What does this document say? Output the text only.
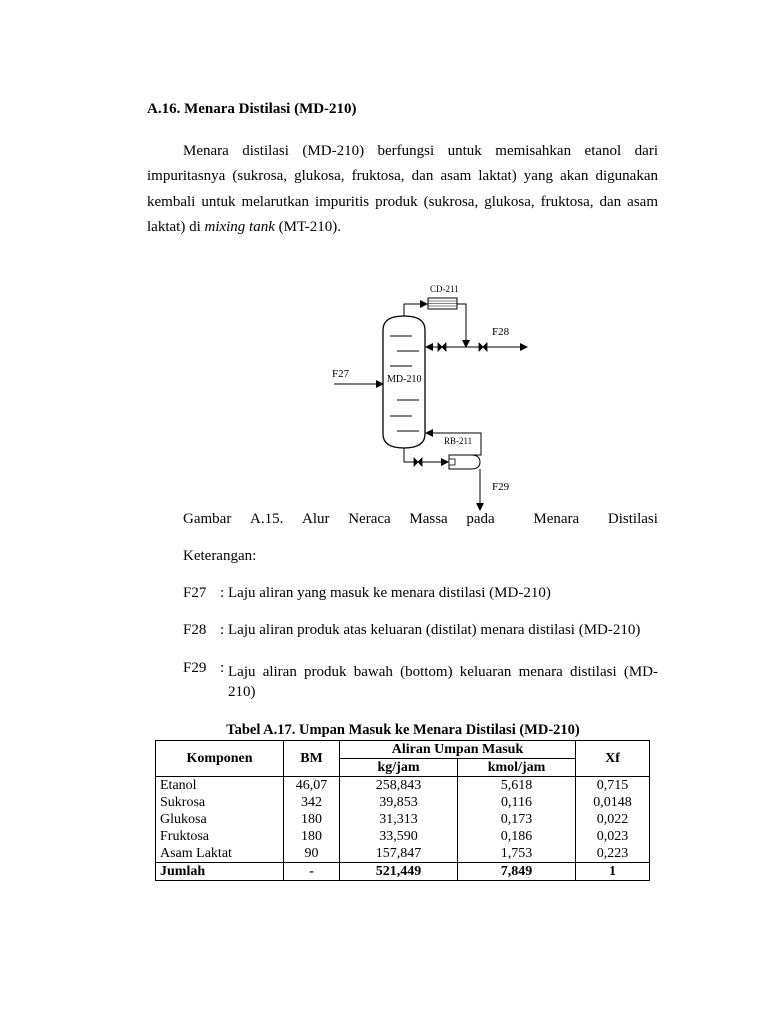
A.16. Menara Distilasi (MD-210)
Menara distilasi (MD-210) berfungsi untuk memisahkan etanol dari
impuritasnya (sukrosa, glukosa, fruktosa, dan asam laktat) yang akan digunakan
kembali untuk melarutkan impuritis produk (sukrosa, glukosa, fruktosa, dan asam
laktat) di mixing tank (MT-210).
MD-210
F27
CD-211
F28
RB-211
F29
Gambar A.15. Alur Neraca Massa pada	Menara Distilasi
Keterangan:
F27 : Laju aliran yang masuk ke menara distilasi (MD-210)
F28 : Laju aliran produk atas keluaran (distilat) menara distilasi (MD-210)
F29 : Laju aliran produk bawah (bottom) keluaran menara distilasi (MD-
210)
Tabel A.17. Umpan Masuk ke Menara Distilasi (MD-210)
Komponen	BM	Aliran Umpan Masuk		Xf
		kg/jam	kmol/jam	
Etanol	46,07	258,843	5,618	0,715
Sukrosa	342	39,853	0,116	0,0148
Glukosa	180	31,313	0,173	0,022
Fruktosa	180	33,590	0,186	0,023
Asam Laktat	90	157,847	1,753	0,223
Jumlah	-	521,449	7,849	1
